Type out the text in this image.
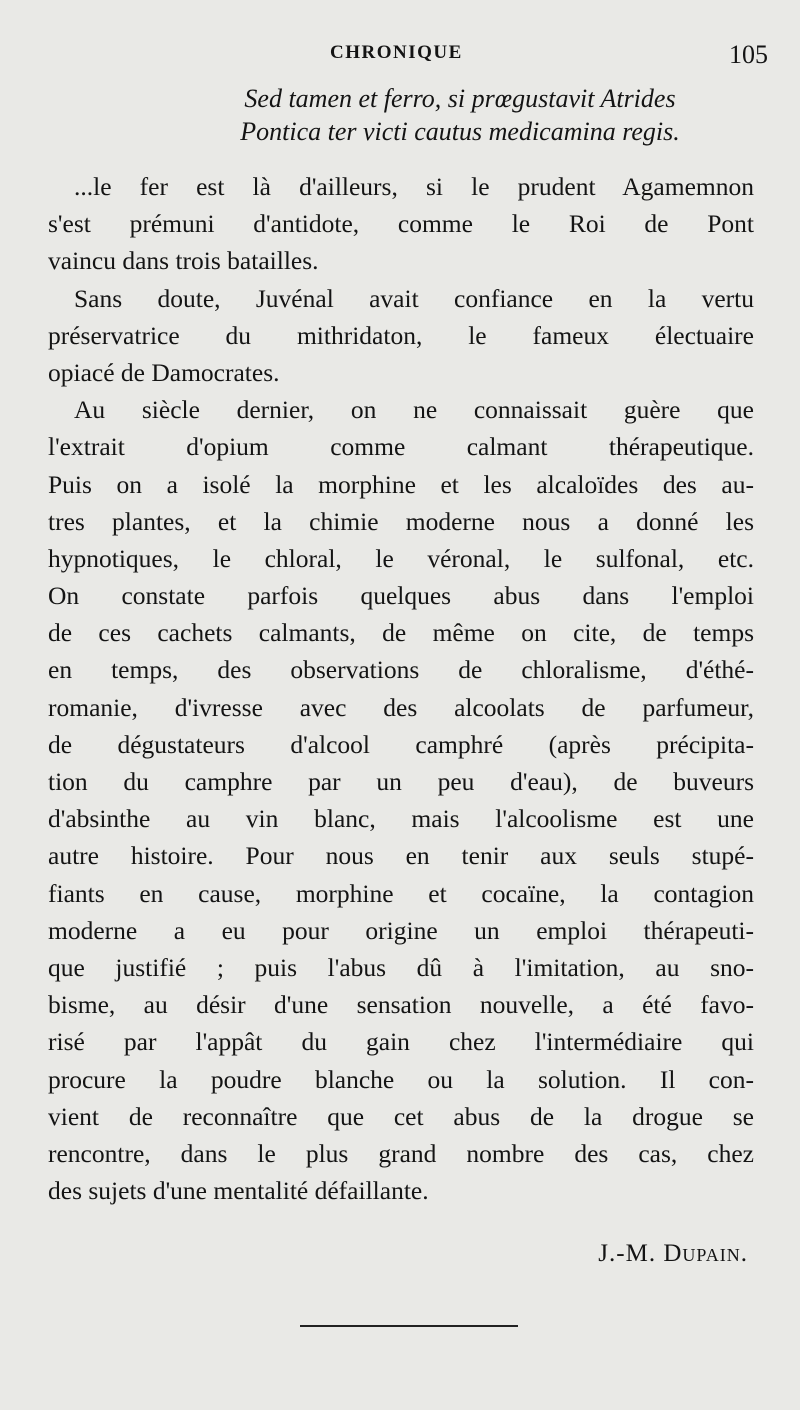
CHRONIQUE	105
Sed tamen et ferro, si prœgustavit Atrides
Pontica ter victi cautus medicamina regis.
...le fer est là d'ailleurs, si le prudent Agamemnon
s'est prémuni d'antidote, comme le Roi de Pont
vaincu dans trois batailles.
Sans doute, Juvénal avait confiance en la vertu
préservatrice du mithridaton, le fameux électuaire
opiacé de Damocrates.
Au siècle dernier, on ne connaissait guère que
l'extrait d'opium comme calmant thérapeutique.
Puis on a isolé la morphine et les alcaloïdes des au-
tres plantes, et la chimie moderne nous a donné les
hypnotiques, le chloral, le véronal, le sulfonal, etc.
On constate parfois quelques abus dans l'emploi
de ces cachets calmants, de même on cite, de temps
en temps, des observations de chloralisme, d'éthé-
romanie, d'ivresse avec des alcoolats de parfumeur,
de dégustateurs d'alcool camphré (après précipita-
tion du camphre par un peu d'eau), de buveurs
d'absinthe au vin blanc, mais l'alcoolisme est une
autre histoire. Pour nous en tenir aux seuls stupé-
fiants en cause, morphine et cocaïne, la contagion
moderne a eu pour origine un emploi thérapeuti-
que justifié ; puis l'abus dû à l'imitation, au sno-
bisme, au désir d'une sensation nouvelle, a été favo-
risé par l'appât du gain chez l'intermédiaire qui
procure la poudre blanche ou la solution. Il con-
vient de reconnaître que cet abus de la drogue se
rencontre, dans le plus grand nombre des cas, chez
des sujets d'une mentalité défaillante.
J.-M. Dupain.
